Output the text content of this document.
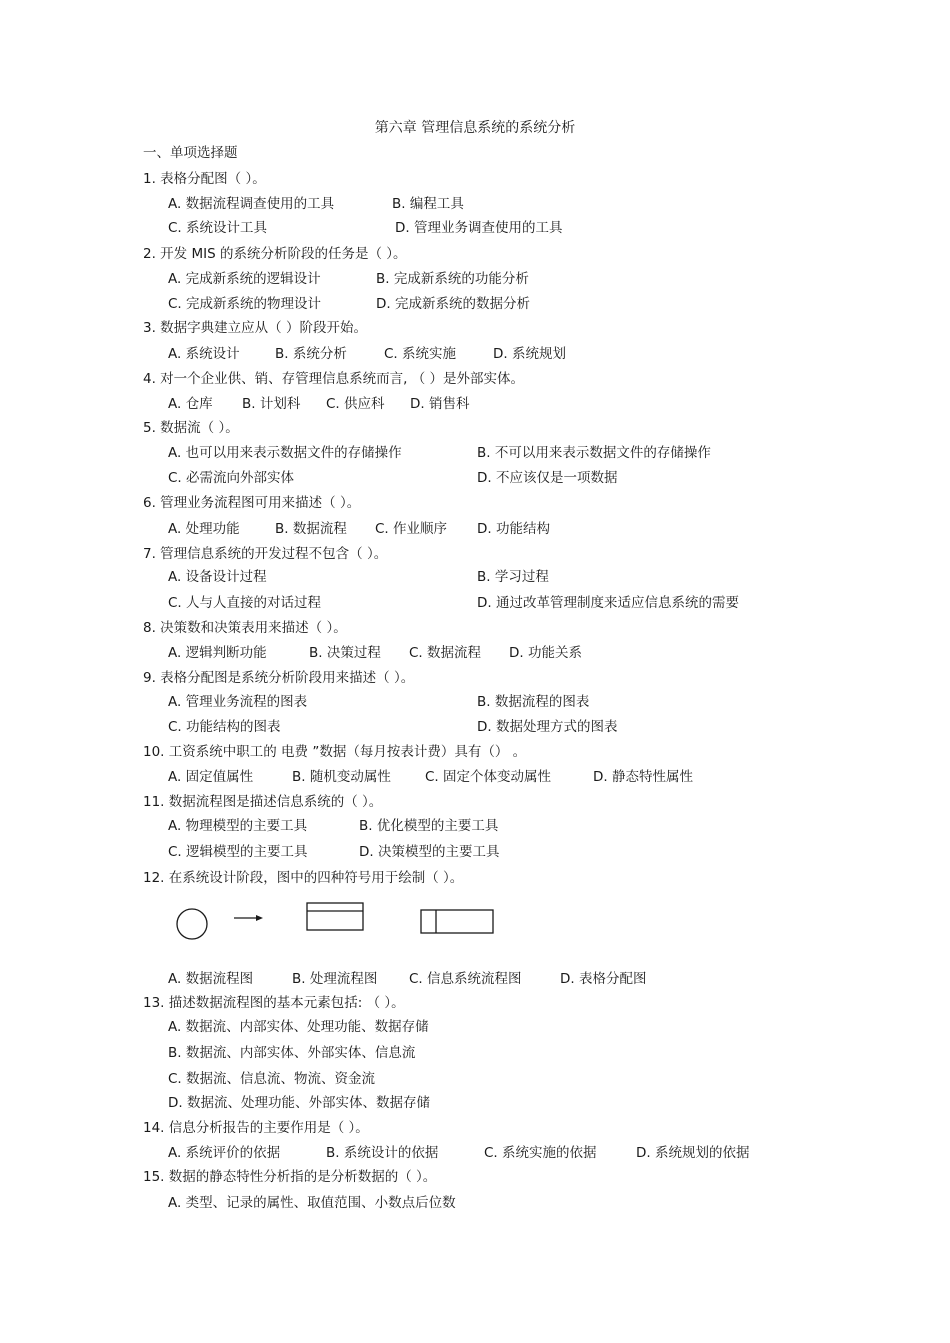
第六章 管理信息系统的系统分析
一、单项选择题
1. 表格分配图（ ）。
A. 数据流程调查使用的工具	B. 编程工具
C. 系统设计工具	D. 管理业务调查使用的工具
2. 开发 MIS 的系统分析阶段的任务是（ ）。
A. 完成新系统的逻辑设计	B. 完成新系统的功能分析
C. 完成新系统的物理设计	D. 完成新系统的数据分析
3. 数据字典建立应从（ ）阶段开始。
A. 系统设计	B. 系统分析	C. 系统实施	D. 系统规划
4. 对一个企业供、销、存管理信息系统而言, （ ）是外部实体。
A. 仓库 B. 计划科 C. 供应科 D. 销售科
5. 数据流（ ）。
A. 也可以用来表示数据文件的存储操作	B. 不可以用来表示数据文件的存储操作
C. 必需流向外部实体	D. 不应该仅是一项数据
6. 管理业务流程图可用来描述（ ）。
A. 处理功能	B. 数据流程 C. 作业顺序 D. 功能结构
7. 管理信息系统的开发过程不包含（ ）。
A. 设备设计过程	B. 学习过程
C. 人与人直接的对话过程	D. 通过改革管理制度来适应信息系统的需要
8. 决策数和决策表用来描述（ ）。
A. 逻辑判断功能	B. 决策过程 C. 数据流程 D. 功能关系
9. 表格分配图是系统分析阶段用来描述（ ）。
A. 管理业务流程的图表	B. 数据流程的图表
C. 功能结构的图表	D. 数据处理方式的图表
10. 工资系统中职工的 电费 ”数据（每月按表计费）具有（） 。
A. 固定值属性	B. 随机变动属性	C. 固定个体变动属性	D. 静态特性属性
11. 数据流程图是描述信息系统的（ ）。
A. 物理模型的主要工具	B. 优化模型的主要工具
C. 逻辑模型的主要工具	D. 决策模型的主要工具
12. 在系统设计阶段，图中的四种符号用于绘制（ ）。
A. 数据流程图	B. 处理流程图 C. 信息系统流程图	D. 表格分配图
13. 描述数据流程图的基本元素包括: （ ）。
A. 数据流、内部实体、处理功能、数据存储
B. 数据流、内部实体、外部实体、信息流
C. 数据流、信息流、物流、资金流
D. 数据流、处理功能、外部实体、数据存储
14. 信息分析报告的主要作用是（ ）。
A. 系统评价的依据	B. 系统设计的依据	C. 系统实施的依据	D. 系统规划的依据
15. 数据的静态特性分析指的是分析数据的（ ）。
A. 类型、记录的属性、取值范围、小数点后位数
